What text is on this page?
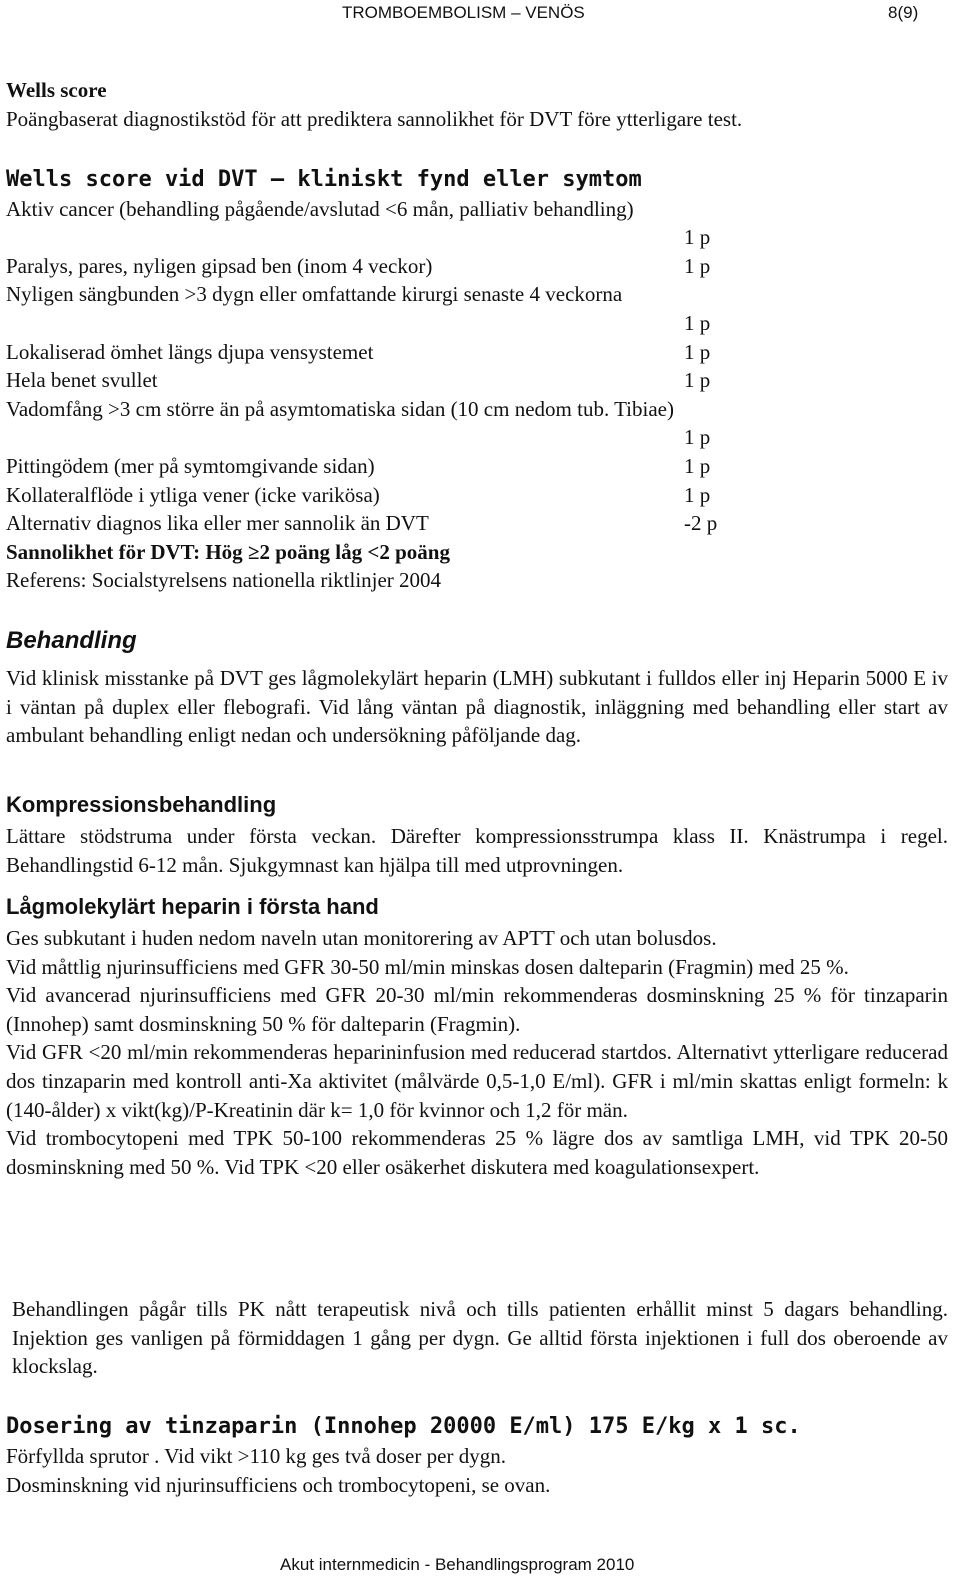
TROMBOEMBOLISM – VENÖS	8(9)

Wells score

Poängbaserat diagnostikstöd för att prediktera sannolikhet för DVT före ytterligare test.

Wells score vid DVT – kliniskt fynd eller symtom

Aktiv cancer (behandling pågående/avslutad <6 mån, palliativ behandling)
1 p
Paralys, pares, nyligen gipsad ben (inom 4 veckor)	1 p
Nyligen sängbunden >3 dygn eller omfattande kirurgi senaste 4 veckorna
1 p
Lokaliserad ömhet längs djupa vensystemet	1 p
Hela benet svullet	1 p
Vadomfång >3 cm större än på asymtomatiska sidan (10 cm nedom tub. Tibiae)
1 p
Pittingödem (mer på symtomgivande sidan)	1 p
Kollateralflöde i ytliga vener (icke varikösa)	1 p
Alternativ diagnos lika eller mer sannolik än DVT	-2 p

Sannolikhet för DVT: Hög ≥2 poäng låg <2 poäng

Referens: Socialstyrelsens nationella riktlinjer 2004

Behandling

Vid klinisk misstanke på DVT ges lågmolekylärt heparin (LMH) subkutant i fulldos eller inj Heparin 5000 E iv i väntan på duplex eller flebografi. Vid lång väntan på diagnostik, inläggning med behandling eller start av ambulant behandling enligt nedan och undersökning påföljande dag.

Kompressionsbehandling

Lättare stödstruma under första veckan. Därefter kompressionsstrumpa klass II. Knästrumpa i regel. Behandlingstid 6-12 mån. Sjukgymnast kan hjälpa till med utprovningen.

Lågmolekylärt heparin i första hand

Ges subkutant i huden nedom naveln utan monitorering av APTT och utan bolusdos.

Vid måttlig njurinsufficiens med GFR 30-50 ml/min minskas dosen dalteparin (Fragmin) med 25 %.

Vid avancerad njurinsufficiens med GFR 20-30 ml/min rekommenderas dosminskning 25 % för tinzaparin (Innohep) samt dosminskning 50 % för dalteparin (Fragmin).

Vid GFR <20 ml/min rekommenderas heparininfusion med reducerad startdos. Alternativt ytterligare reducerad dos tinzaparin med kontroll anti-Xa aktivitet (målvärde 0,5-1,0 E/ml). GFR i ml/min skattas enligt formeln: k (140-ålder) x vikt(kg)/P-Kreatinin där k= 1,0 för kvinnor och 1,2 för män.

Vid trombocytopeni med TPK 50-100 rekommenderas 25 % lägre dos av samtliga LMH, vid TPK 20-50 dosminskning med 50 %. Vid TPK <20 eller osäkerhet diskutera med koagulationsexpert.

Behandlingen pågår tills PK nått terapeutisk nivå och tills patienten erhållit minst 5 dagars behandling. Injektion ges vanligen på förmiddagen 1 gång per dygn. Ge alltid första injektionen i full dos oberoende av klockslag.

Dosering av tinzaparin (Innohep 20000 E/ml) 175 E/kg x 1 sc.

Förfyllda sprutor . Vid vikt >110 kg ges två doser per dygn.

Dosminskning vid njurinsufficiens och trombocytopeni, se ovan.

Akut internmedicin - Behandlingsprogram 2010
